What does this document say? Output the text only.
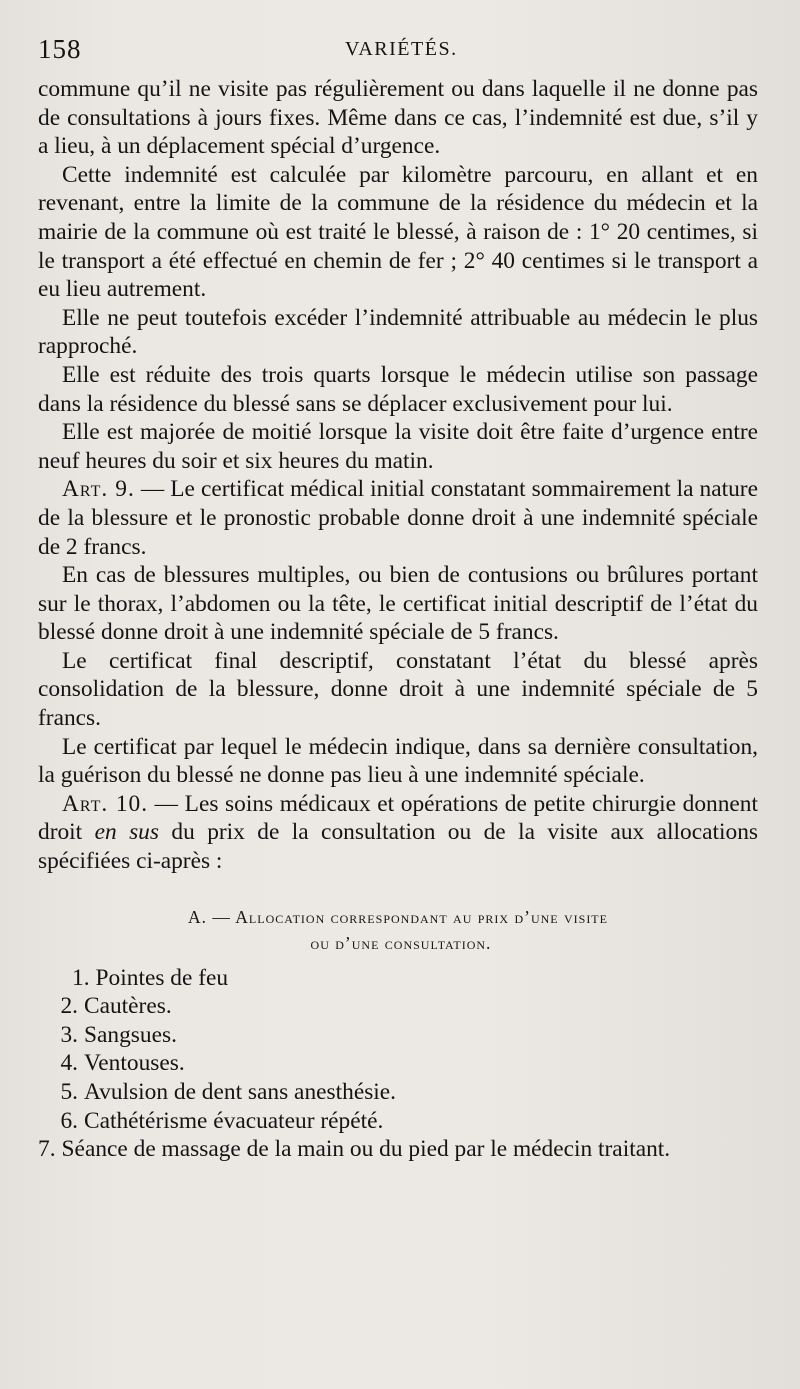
158	VARIÉTÉS.

commune qu’il ne visite pas régulièrement ou dans laquelle il ne donne pas de consultations à jours fixes. Même dans ce cas, l’indemnité est due, s’il y a lieu, à un déplacement spécial d’urgence.

Cette indemnité est calculée par kilomètre parcouru, en allant et en revenant, entre la limite de la commune de la résidence du médecin et la mairie de la commune où est traité le blessé, à raison de : 1° 20 centimes, si le transport a été effectué en chemin de fer ; 2° 40 centimes si le transport a eu lieu autrement.

Elle ne peut toutefois excéder l’indemnité attribuable au médecin le plus rapproché.

Elle est réduite des trois quarts lorsque le médecin utilise son passage dans la résidence du blessé sans se déplacer exclusivement pour lui.

Elle est majorée de moitié lorsque la visite doit être faite d’urgence entre neuf heures du soir et six heures du matin.

Art. 9. — Le certificat médical initial constatant sommairement la nature de la blessure et le pronostic probable donne droit à une indemnité spéciale de 2 francs.

En cas de blessures multiples, ou bien de contusions ou brûlures portant sur le thorax, l’abdomen ou la tête, le certificat initial descriptif de l’état du blessé donne droit à une indemnité spéciale de 5 francs.

Le certificat final descriptif, constatant l’état du blessé après consolidation de la blessure, donne droit à une indemnité spéciale de 5 francs.

Le certificat par lequel le médecin indique, dans sa dernière consultation, la guérison du blessé ne donne pas lieu à une indemnité spéciale.

Art. 10. — Les soins médicaux et opérations de petite chirurgie donnent droit en sus du prix de la consultation ou de la visite aux allocations spécifiées ci-après :

A. — Allocation correspondant au prix d’une visite
ou d’une consultation.
1. Pointes de feu
2. Cautères.
3. Sangsues.
4. Ventouses.
5. Avulsion de dent sans anesthésie.
6. Cathétérisme évacuateur répété.
7. Séance de massage de la main ou du pied par le médecin traitant.
